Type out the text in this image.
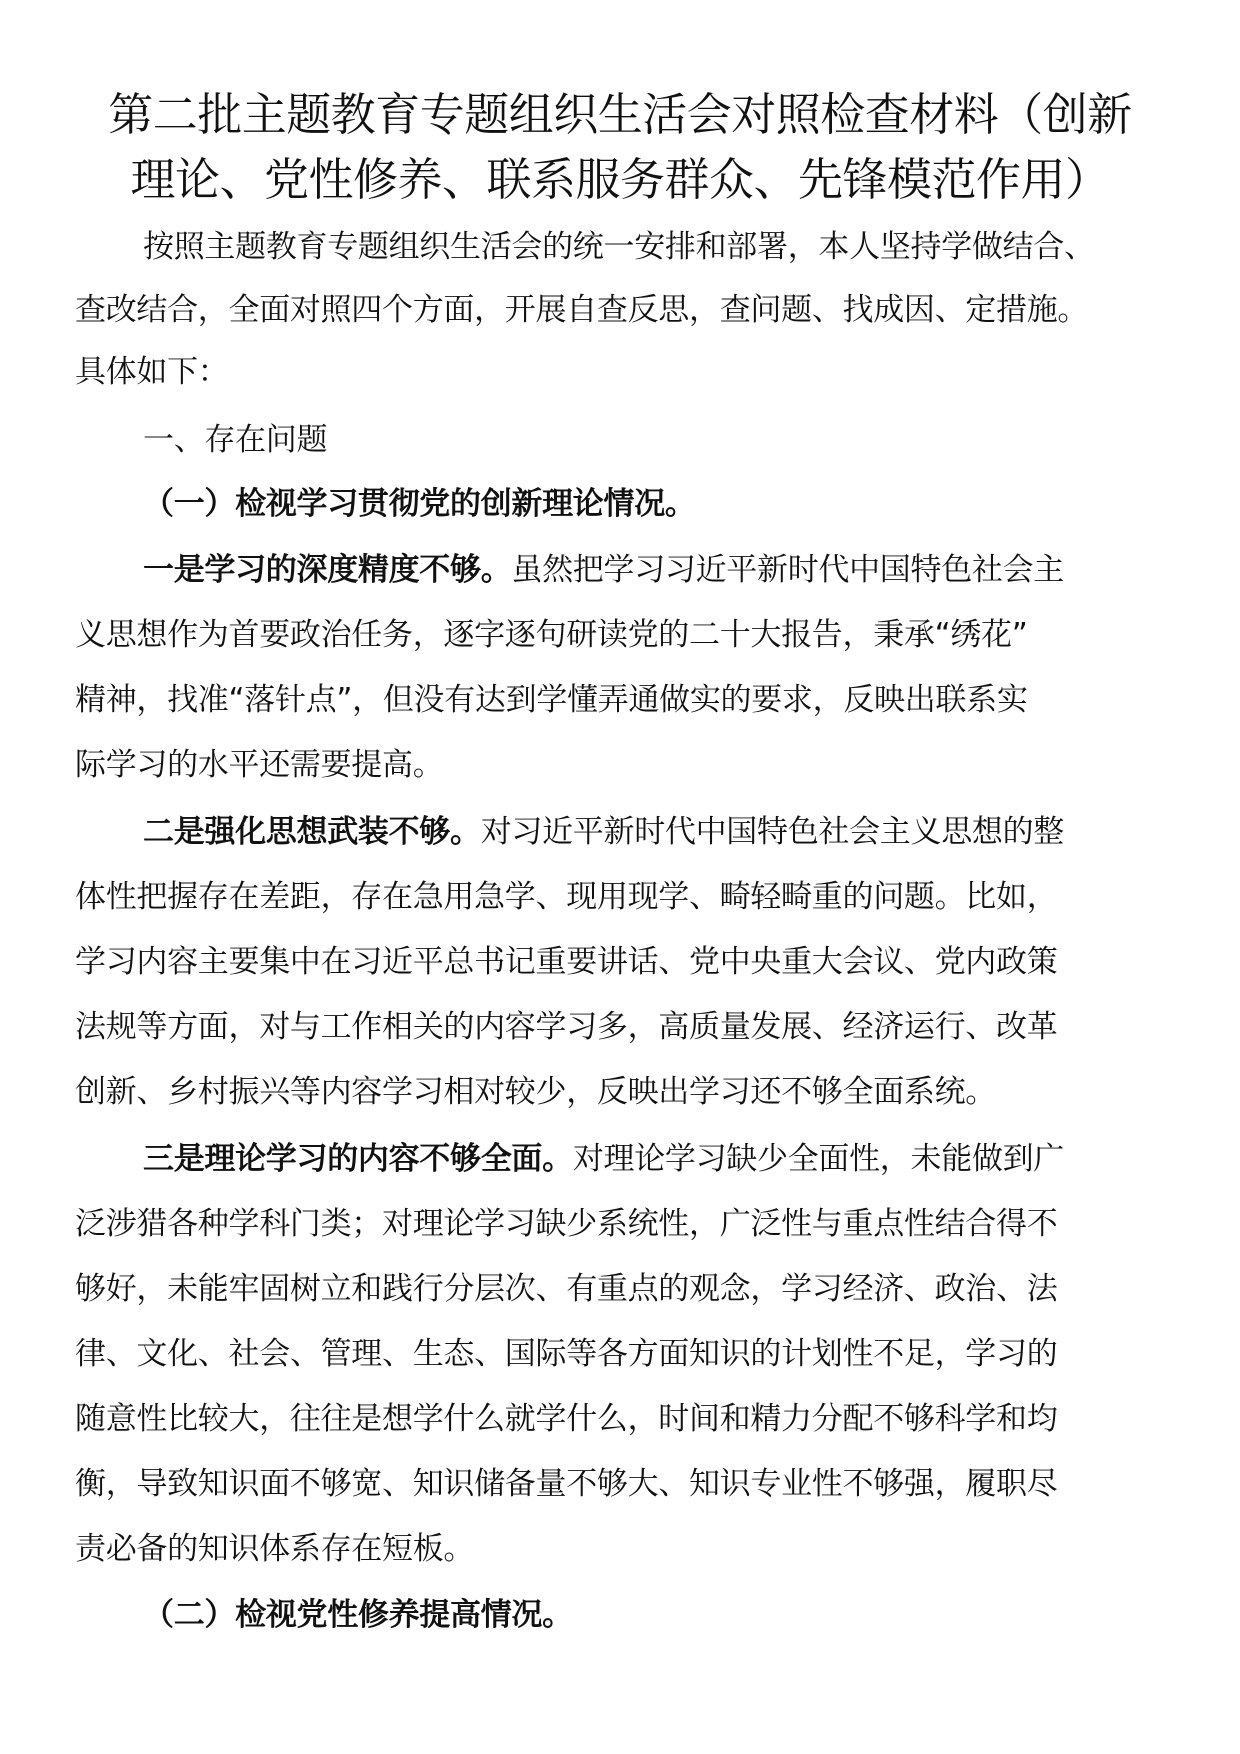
第二批主题教育专题组织生活会对照检查材料（创新
理论、党性修养、联系服务群众、先锋模范作用）

按照主题教育专题组织生活会的统一安排和部署，本人坚持学做结合、

查改结合，全面对照四个方面，开展自查反思，查问题、找成因、定措施。

具体如下：

一、存在问题

（一）检视学习贯彻党的创新理论情况。

一是学习的深度精度不够。虽然把学习习近平新时代中国特色社会主

义思想作为首要政治任务，逐字逐句研读党的二十大报告，秉承“绣花”

精神，找准“落针点”，但没有达到学懂弄通做实的要求，反映出联系实

际学习的水平还需要提高。

二是强化思想武装不够。对习近平新时代中国特色社会主义思想的整

体性把握存在差距，存在急用急学、现用现学、畸轻畸重的问题。比如，

学习内容主要集中在习近平总书记重要讲话、党中央重大会议、党内政策

法规等方面，对与工作相关的内容学习多，高质量发展、经济运行、改革

创新、乡村振兴等内容学习相对较少，反映出学习还不够全面系统。

三是理论学习的内容不够全面。对理论学习缺少全面性，未能做到广

泛涉猎各种学科门类；对理论学习缺少系统性，广泛性与重点性结合得不

够好，未能牢固树立和践行分层次、有重点的观念，学习经济、政治、法

律、文化、社会、管理、生态、国际等各方面知识的计划性不足，学习的

随意性比较大，往往是想学什么就学什么，时间和精力分配不够科学和均

衡，导致知识面不够宽、知识储备量不够大、知识专业性不够强，履职尽

责必备的知识体系存在短板。

（二）检视党性修养提高情况。
